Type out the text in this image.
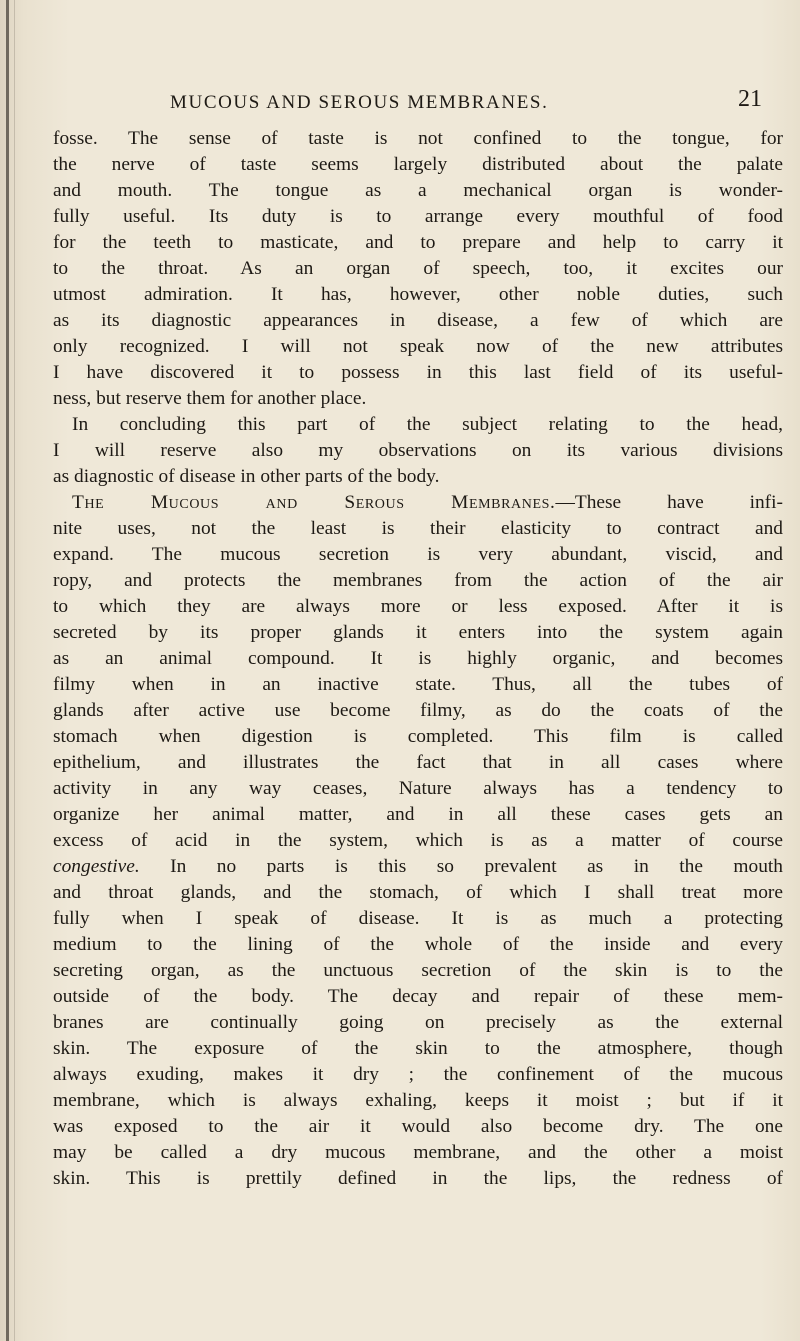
MUCOUS AND SEROUS MEMBRANES.	21
fosse. The sense of taste is not confined to the tongue, for
the nerve of taste seems largely distributed about the palate
and mouth. The tongue as a mechanical organ is wonder-
fully useful. Its duty is to arrange every mouthful of food
for the teeth to masticate, and to prepare and help to carry it
to the throat. As an organ of speech, too, it excites our
utmost admiration. It has, however, other noble duties, such
as its diagnostic appearances in disease, a few of which are
only recognized. I will not speak now of the new attributes
I have discovered it to possess in this last field of its useful-
ness, but reserve them for another place.
In concluding this part of the subject relating to the head,
I will reserve also my observations on its various divisions
as diagnostic of disease in other parts of the body.
The Mucous and Serous Membranes.—These have infi-
nite uses, not the least is their elasticity to contract and
expand. The mucous secretion is very abundant, viscid, and
ropy, and protects the membranes from the action of the air
to which they are always more or less exposed. After it is
secreted by its proper glands it enters into the system again
as an animal compound. It is highly organic, and becomes
filmy when in an inactive state. Thus, all the tubes of
glands after active use become filmy, as do the coats of the
stomach when digestion is completed. This film is called
epithelium, and illustrates the fact that in all cases where
activity in any way ceases, Nature always has a tendency to
organize her animal matter, and in all these cases gets an
excess of acid in the system, which is as a matter of course
congestive. In no parts is this so prevalent as in the mouth
and throat glands, and the stomach, of which I shall treat more
fully when I speak of disease. It is as much a protecting
medium to the lining of the whole of the inside and every
secreting organ, as the unctuous secretion of the skin is to the
outside of the body. The decay and repair of these mem-
branes are continually going on precisely as the external
skin. The exposure of the skin to the atmosphere, though
always exuding, makes it dry ; the confinement of the mucous
membrane, which is always exhaling, keeps it moist ; but if it
was exposed to the air it would also become dry. The one
may be called a dry mucous membrane, and the other a moist
skin. This is prettily defined in the lips, the redness of
